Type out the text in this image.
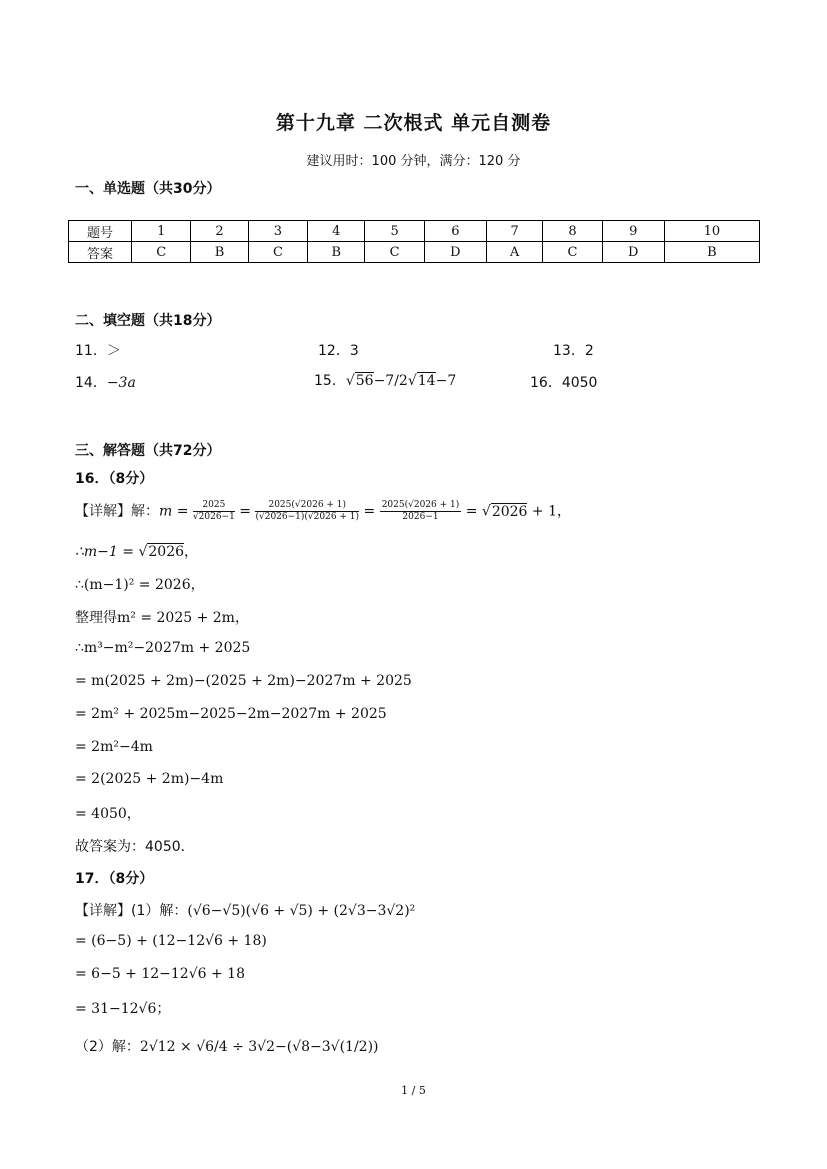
第十九章 二次根式 单元自测卷
建议用时：100 分钟，满分：120 分
一、单选题（共30分）
题号	1	2	3	4	5	6	7	8	9	10
答案	C	B	C	B	C	D	A	C	D	B
二、填空题（共18分）
11．＞	12．3	13．2
14．−3a	15．√56−7/2√14−7	16．4050
三、解答题（共72分）
16．（8分）
【详解】解：$m = \frac{2025}{√2026-1} = \frac{2025(√2026 + 1)}{(√2026-1)(√2026 + 1)} = \frac{2025(√2026 + 1)}{2026-1} = √2026 + 1$，
∴m−1 = √2026，
∴(m−1)² = 2026，
整理得m² = 2025 + 2m，
∴m³−m²−2027m + 2025
= m(2025 + 2m)−(2025 + 2m)−2027m + 2025
= 2m² + 2025m−2025−2m−2027m + 2025
= 2m²−4m
= 2(2025 + 2m)−4m
= 4050，
故答案为：4050．
17．（8分）
【详解】(1）解：(√6−√5)(√6 + √5) + (2√3−3√2)²
= (6−5) + (12−12√6 + 18)
= 6−5 + 12−12√6 + 18
= 31−12√6；
（2）解：2√12 × √6/4 ÷ 3√2−(√8−3√(1/2))
1 / 5
